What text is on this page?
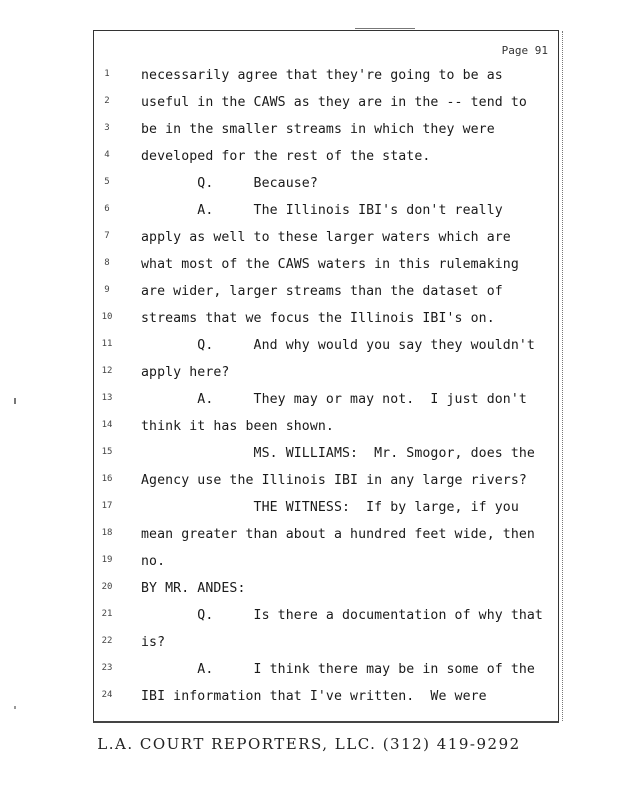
Page 91
1	necessarily agree that they're going to be as
2	useful in the CAWS as they are in the -- tend to
3	be in the smaller streams in which they were
4	developed for the rest of the state.
5	Q.     Because?
6	A.     The Illinois IBI's don't really
7	apply as well to these larger waters which are
8	what most of the CAWS waters in this rulemaking
9	are wider, larger streams than the dataset of
10 streams that we focus the Illinois IBI's on.
11 Q.     And why would you say they wouldn't
12 apply here?
13 A.     They may or may not.  I just don't
14 think it has been shown.
15 MS. WILLIAMS:  Mr. Smogor, does the
16 Agency use the Illinois IBI in any large rivers?
17 THE WITNESS:  If by large, if you
18 mean greater than about a hundred feet wide, then
19 no.
20 BY MR. ANDES:
21 Q.     Is there a documentation of why that
22 is?
23 A.     I think there may be in some of the
24 IBI information that I've written.  We were
L.A. COURT REPORTERS, LLC. (312) 419-9292
